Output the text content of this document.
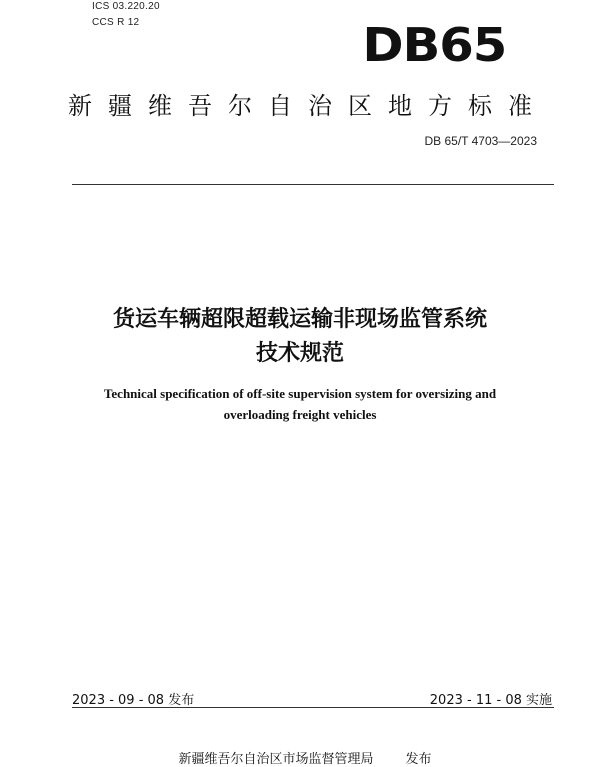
ICS 03.220.20
CCS R 12	DB65
新疆维吾尔自治区地方标准
DB 65/T 4703—2023
货运车辆超限超载运输非现场监管系统
技术规范
Technical specification of off-site supervision system for oversizing and
overloading freight vehicles
2023 - 09 - 08 发布	2023 - 11 - 08 实施
新疆维吾尔自治区市场监督管理局 发布
